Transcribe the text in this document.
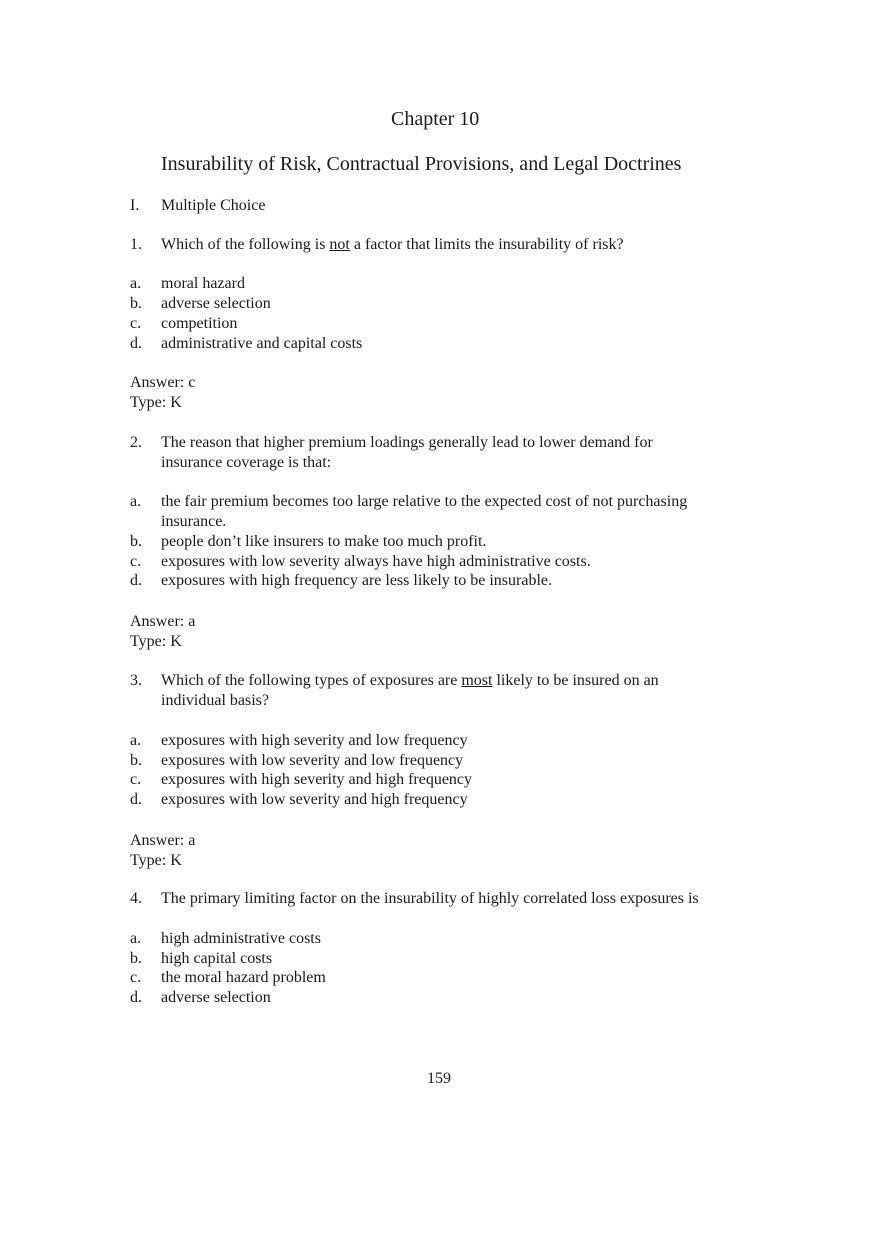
Chapter 10
Insurability of Risk, Contractual Provisions, and Legal Doctrines
I. Multiple Choice
1. Which of the following is not a factor that limits the insurability of risk?
a. moral hazard
b. adverse selection
c. competition
d. administrative and capital costs
Answer: c
Type: K
2. The reason that higher premium loadings generally lead to lower demand for
insurance coverage is that:
a. the fair premium becomes too large relative to the expected cost of not purchasing
insurance.
b. people don’t like insurers to make too much profit.
c. exposures with low severity always have high administrative costs.
d. exposures with high frequency are less likely to be insurable.
Answer: a
Type: K
3. Which of the following types of exposures are most likely to be insured on an
individual basis?
a. exposures with high severity and low frequency
b. exposures with low severity and low frequency
c. exposures with high severity and high frequency
d. exposures with low severity and high frequency
Answer: a
Type: K
4. The primary limiting factor on the insurability of highly correlated loss exposures is
a. high administrative costs
b. high capital costs
c. the moral hazard problem
d. adverse selection
159
